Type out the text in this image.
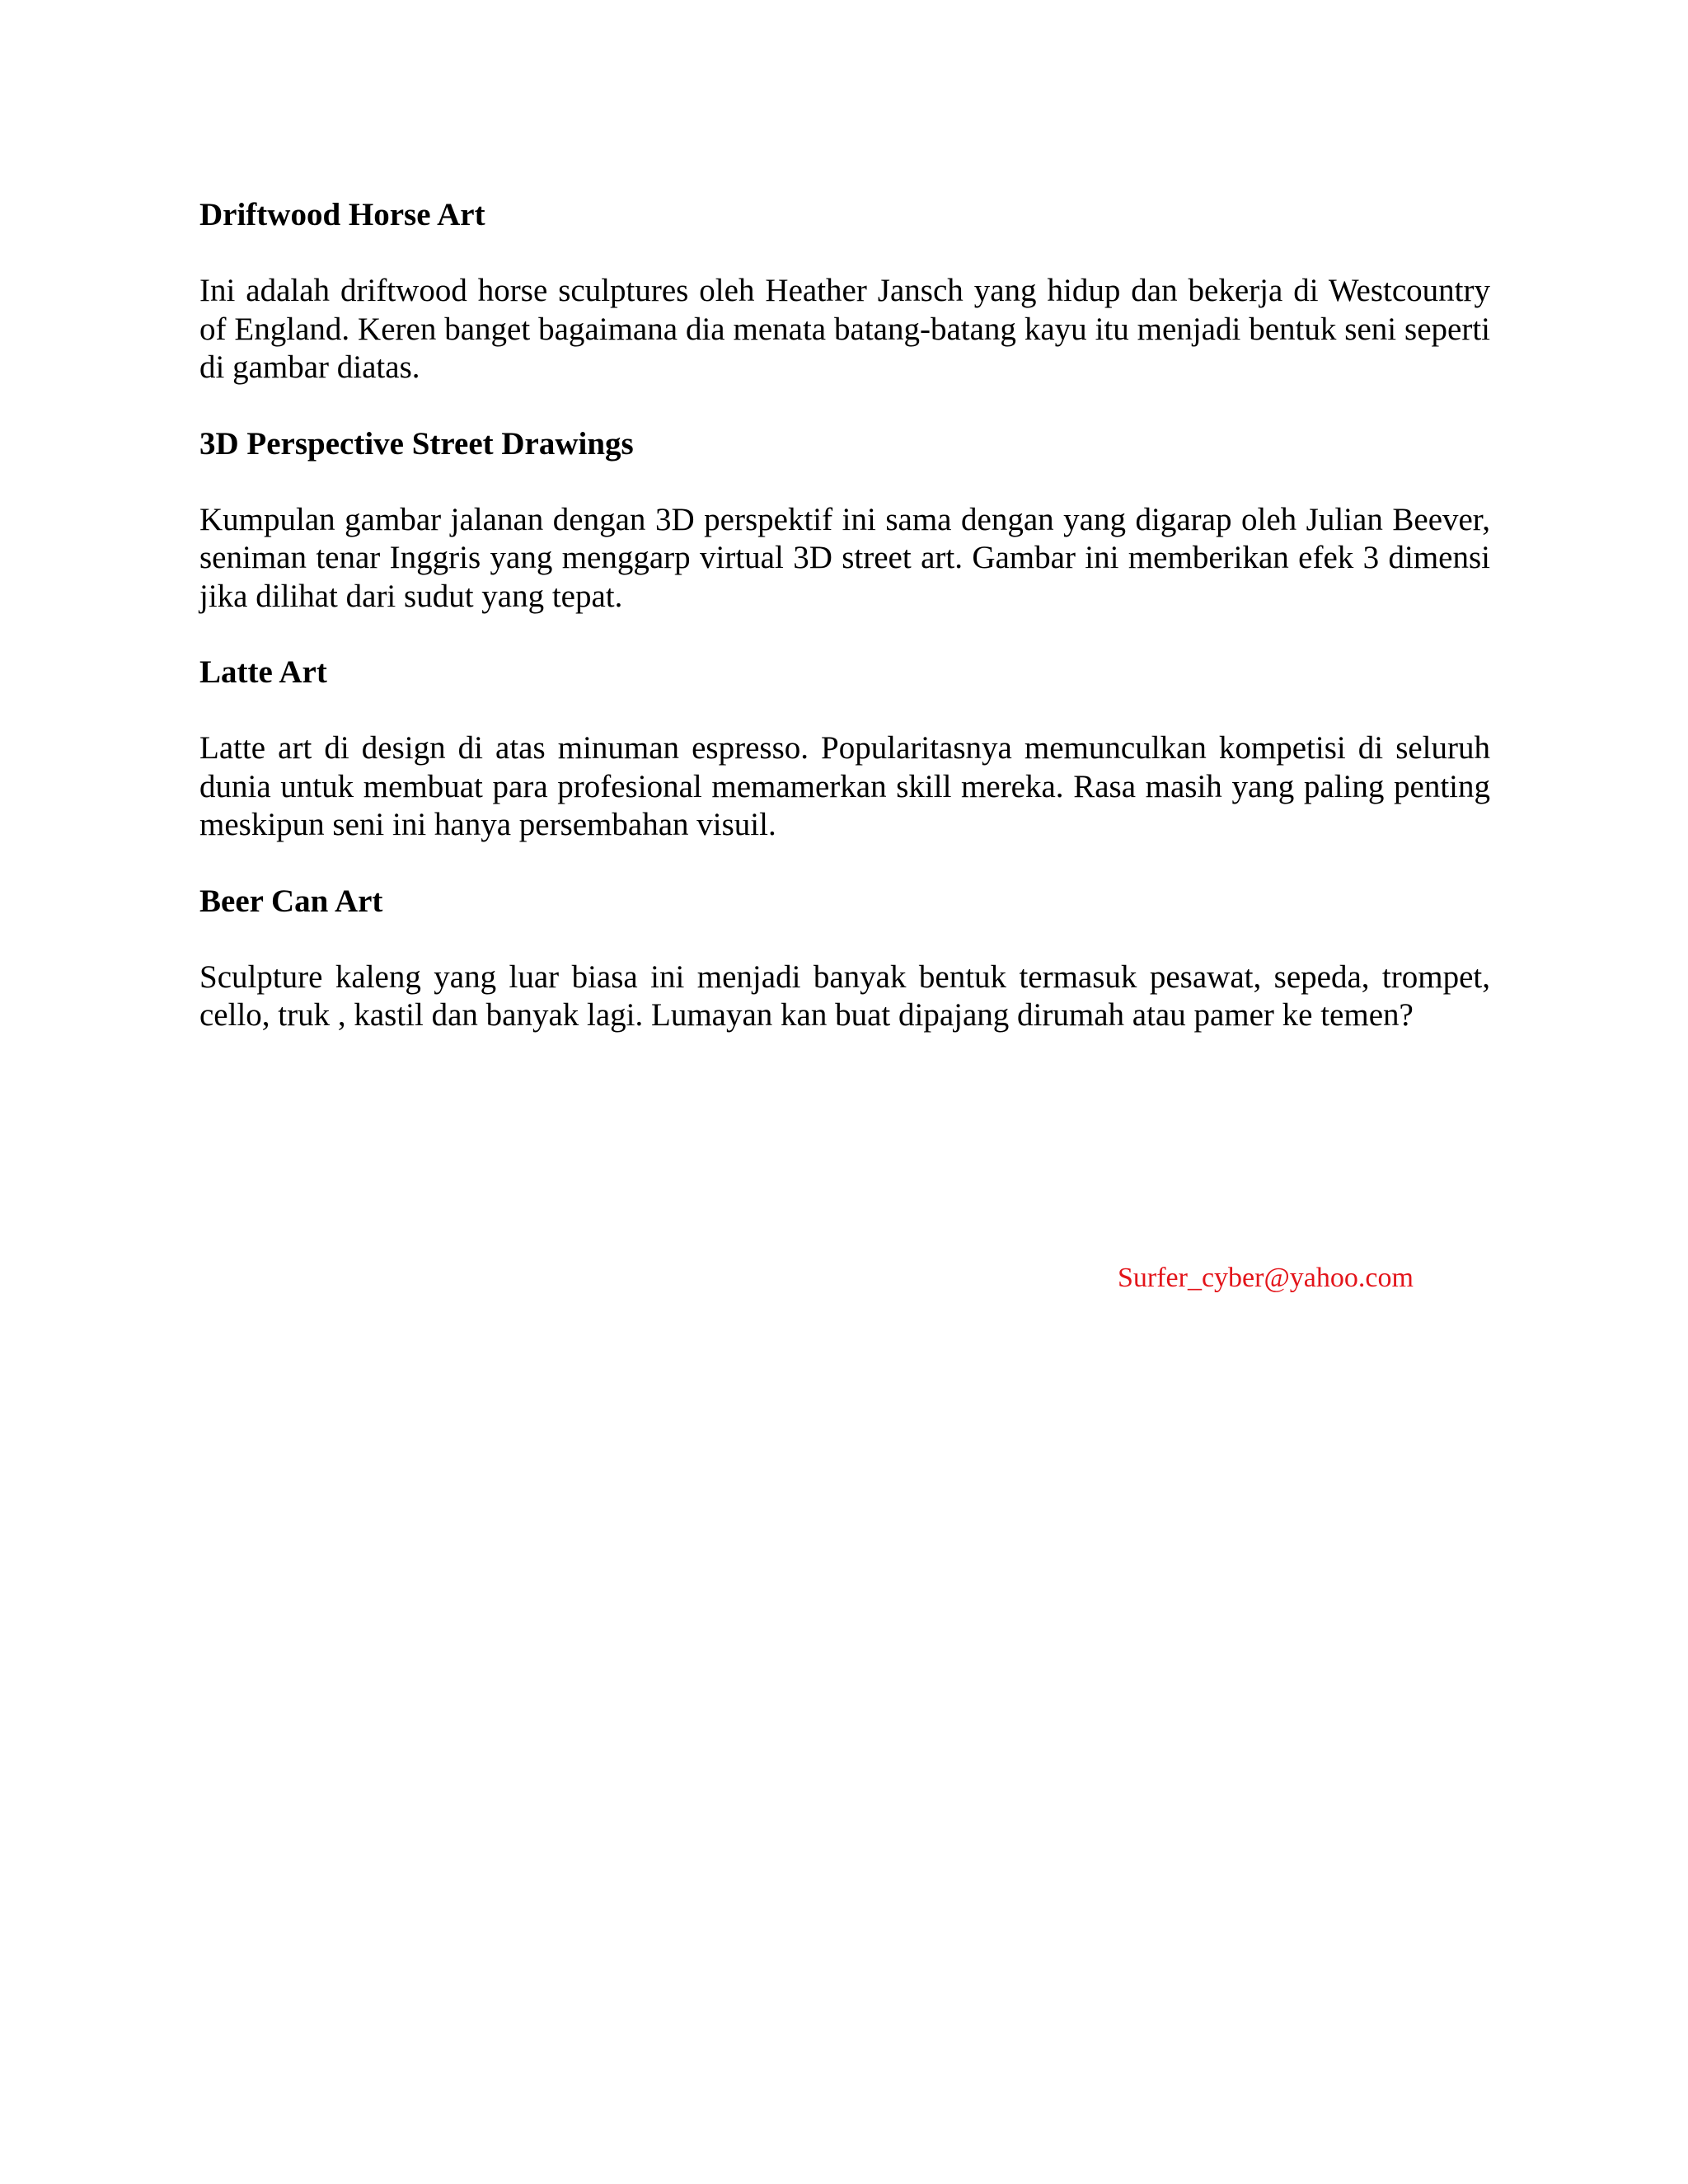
Driftwood Horse Art

Ini adalah driftwood horse sculptures oleh Heather Jansch yang hidup dan bekerja di Westcountry of England. Keren banget bagaimana dia menata batang-batang kayu itu menjadi bentuk seni seperti di gambar diatas.

3D Perspective Street Drawings

Kumpulan gambar jalanan dengan 3D perspektif ini sama dengan yang digarap oleh Julian Beever, seniman tenar Inggris yang menggarp virtual 3D street art. Gambar ini memberikan efek 3 dimensi jika dilihat dari sudut yang tepat.

Latte Art

Latte art di design di atas minuman espresso. Popularitasnya memunculkan kompetisi di seluruh dunia untuk membuat para profesional memamerkan skill mereka. Rasa masih yang paling penting meskipun seni ini hanya persembahan visuil.

Beer Can Art

Sculpture kaleng yang luar biasa ini menjadi banyak bentuk termasuk pesawat, sepeda, trompet, cello, truk , kastil dan banyak lagi. Lumayan kan buat dipajang dirumah atau pamer ke temen?

Surfer_cyber@yahoo.com
